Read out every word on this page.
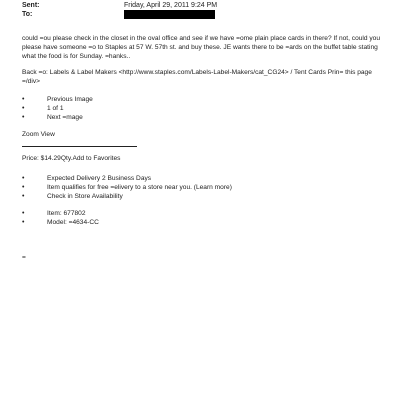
Sent:	Friday, April 29, 2011 9:24 PM
To:
could =ou please check in the closet in the oval office and see if we have =ome plain place cards in there? If not, could you please have someone =o to Staples at 57 W. 57th st. and buy these. JE wants there to be =ards on the buffet table stating what the food is for Sunday. =hanks..
Back =o: Labels & Label Makers <http://www.staples.com/Labels-Label-Makers/cat_CG24> / Tent Cards Prin= this page =/div>
•	Previous Image
•	1 of 1
•	Next =mage
Zoom View
Price: $14.29Qty.Add to Favorites
•	Expected Delivery 2 Business Days
•	Item qualifies for free =elivery to a store near you. (Learn more)
•	Check in Store Availability
•	Item: 677802
•	Model: =4634-CC
=
